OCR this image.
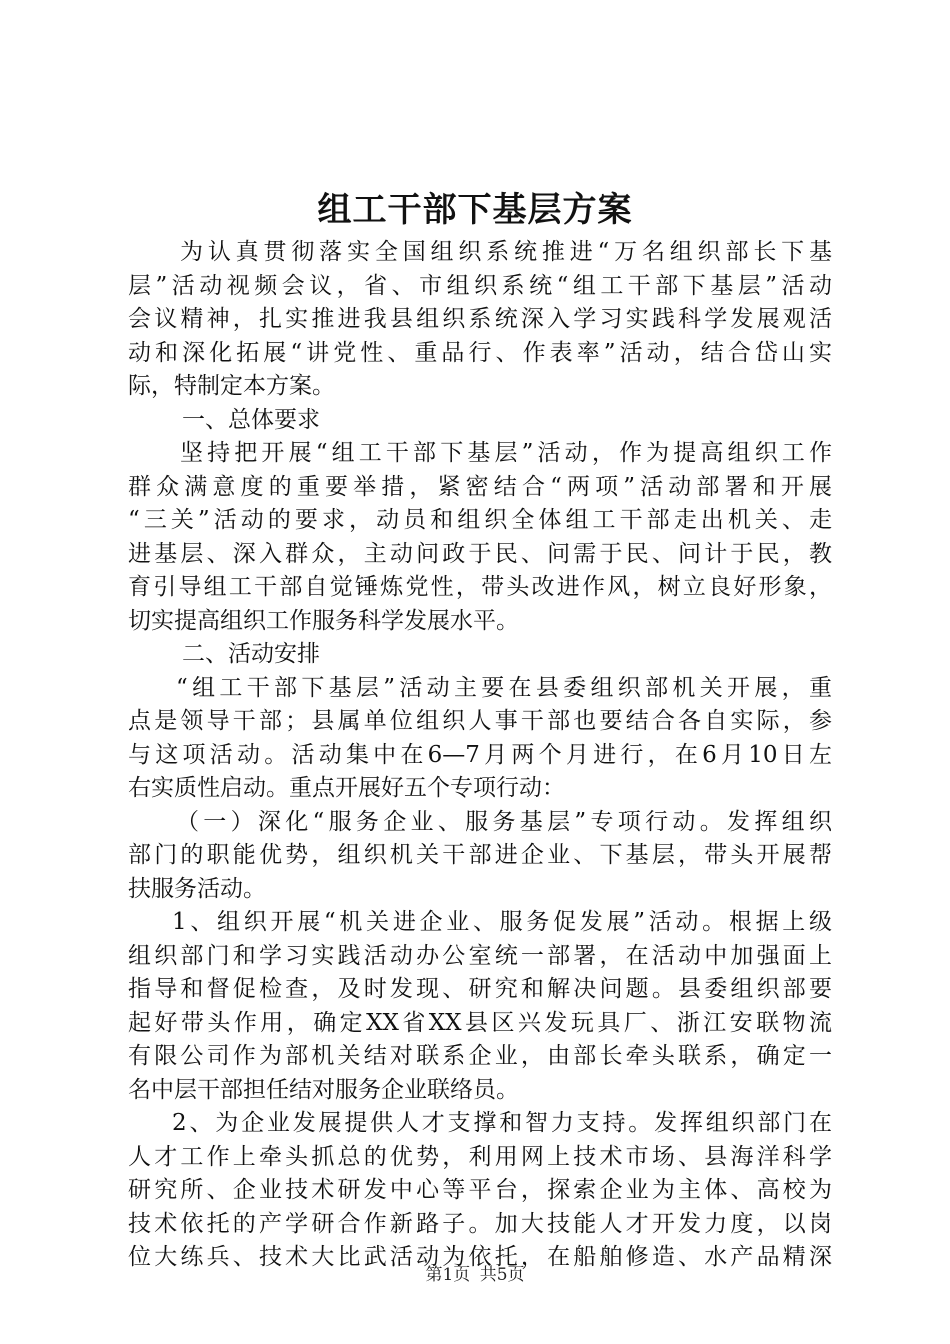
组工干部下基层方案
为认真贯彻落实全国组织系统推进“万名组织部长下基
层”活动视频会议，省、市组织系统“组工干部下基层”活动
会议精神，扎实推进我县组织系统深入学习实践科学发展观活
动和深化拓展“讲党性、重品行、作表率”活动，结合岱山实
际，特制定本方案。
一、总体要求
坚持把开展“组工干部下基层”活动，作为提高组织工作
群众满意度的重要举措，紧密结合“两项”活动部署和开展
“三关”活动的要求，动员和组织全体组工干部走出机关、走
进基层、深入群众，主动问政于民、问需于民、问计于民，教
育引导组工干部自觉锤炼党性，带头改进作风，树立良好形象，
切实提高组织工作服务科学发展水平。
二、活动安排
“组工干部下基层”活动主要在县委组织部机关开展，重
点是领导干部；县属单位组织人事干部也要结合各自实际，参
与这项活动。活动集中在6—7月两个月进行，在6月10日左
右实质性启动。重点开展好五个专项行动：
（一）深化“服务企业、服务基层”专项行动。发挥组织
部门的职能优势，组织机关干部进企业、下基层，带头开展帮
扶服务活动。
1、组织开展“机关进企业、服务促发展”活动。根据上级
组织部门和学习实践活动办公室统一部署，在活动中加强面上
指导和督促检查，及时发现、研究和解决问题。县委组织部要
起好带头作用，确定XX省XX县区兴发玩具厂、浙江安联物流
有限公司作为部机关结对联系企业，由部长牵头联系，确定一
名中层干部担任结对服务企业联络员。
2、为企业发展提供人才支撑和智力支持。发挥组织部门在
人才工作上牵头抓总的优势，利用网上技术市场、县海洋科学
研究所、企业技术研发中心等平台，探索企业为主体、高校为
技术依托的产学研合作新路子。加大技能人才开发力度，以岗
位大练兵、技术大比武活动为依托，在船舶修造、水产品精深
第1页 共5页
